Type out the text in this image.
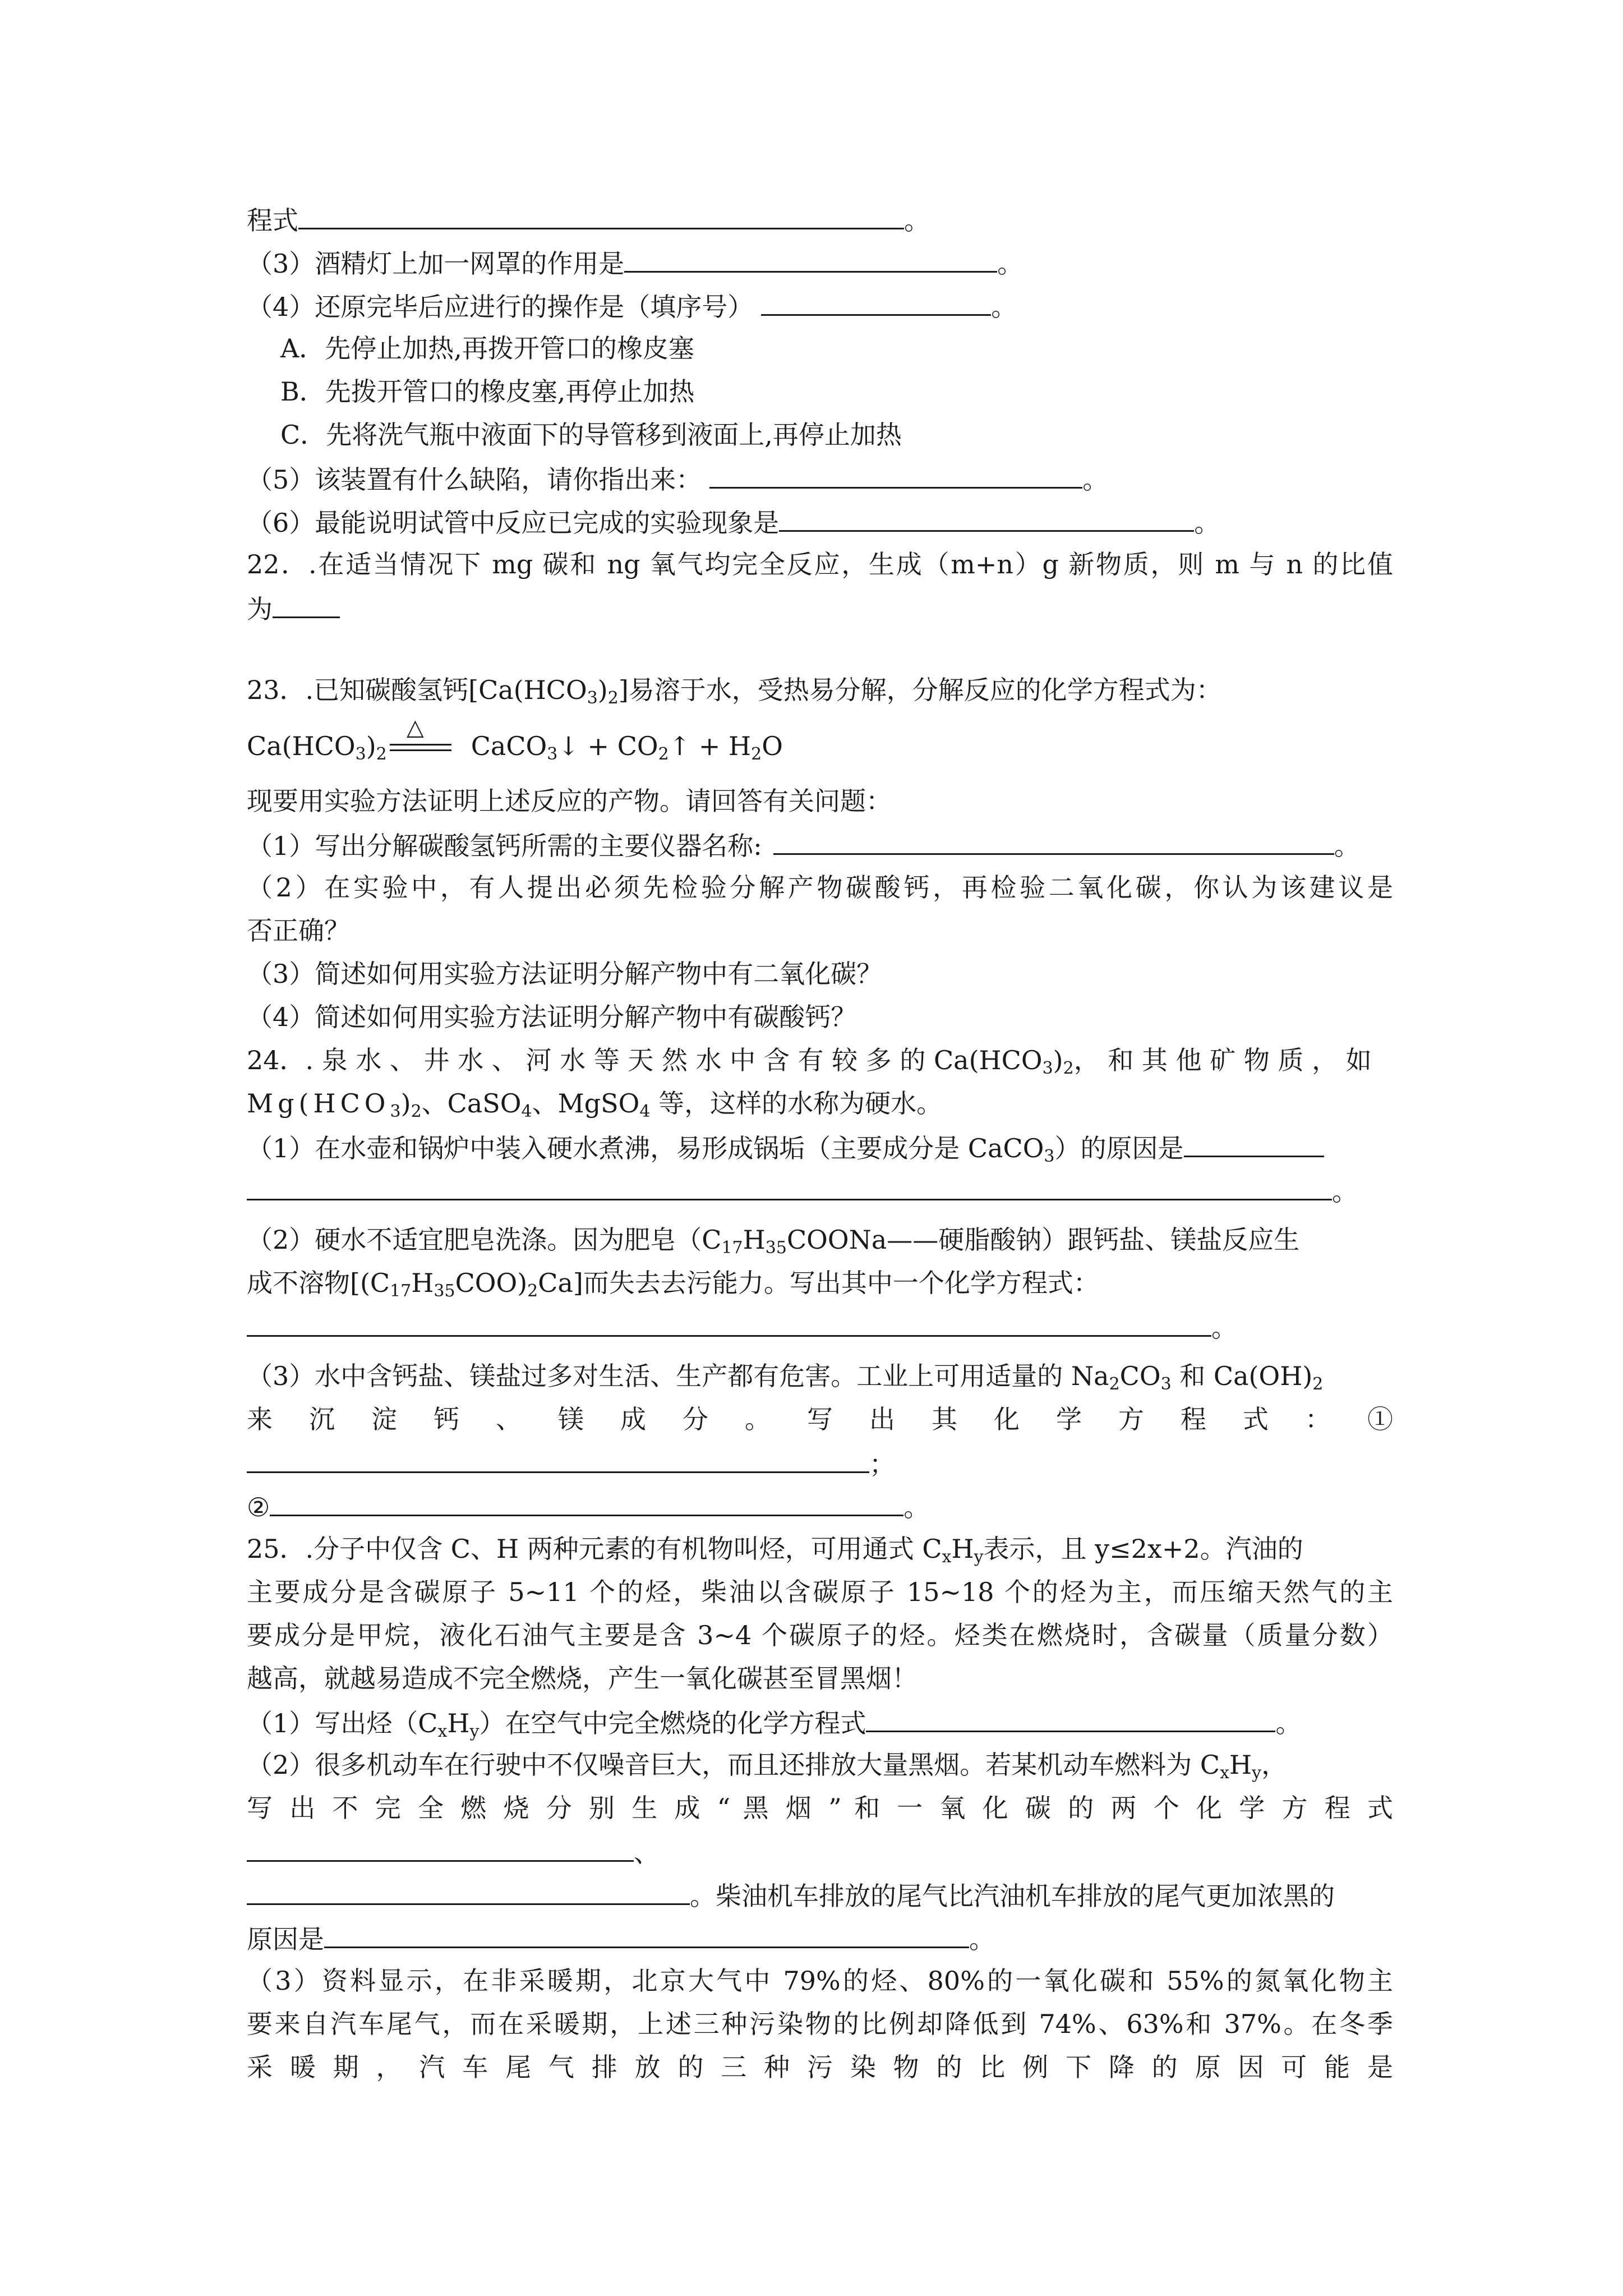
程式	。
（3）酒精灯上加一网罩的作用是	。
（4）还原完毕后应进行的操作是（填序号）	。
A．先停止加热,再拨开管口的橡皮塞
B．先拨开管口的橡皮塞,再停止加热
C．先将洗气瓶中液面下的导管移到液面上,再停止加热
（5）该装置有什么缺陷，请你指出来：	。
（6）最能说明试管中反应已完成的实验现象是	。
22．.在适当情况下 mg 碳和 ng 氧气均完全反应，生成（m+n）g 新物质，则 m 与 n 的比值
为
23．.已知碳酸氢钙$[Ca(HCO_3)_2]$易溶于水，受热易分解，分解反应的化学方程式为：
$Ca(HCO_3)_2$	CaCO$_3$↓ + $CO_2↑ + H_2O$
△
现要用实验方法证明上述反应的产物。请回答有关问题：
（1）写出分解碳酸氢钙所需的主要仪器名称:	。
（2）在实验中，有人提出必须先检验分解产物碳酸钙，再检验二氧化碳，你认为该建议是
否正确？
（3）简述如何用实验方法证明分解产物中有二氧化碳？
（4）简述如何用实验方法证明分解产物中有碳酸钙？
24．. 泉 水 、 井 水 、 河 水 等 天 然 水 中 含 有 较 多 的 $Ca(HCO_3)_2$， 和 其 他 矿 物 质 ， 如
$Mg(HCO_3)_2$、CaSO$_4$、MgSO$_4$ 等，这样的水称为硬水。
（1）在水壶和锅炉中装入硬水煮沸，易形成锅垢（主要成分是 CaCO$_3$）的原因是
。
（2）硬水不适宜肥皂洗涤。因为肥皂（$C_{17}H_{35}COONa——$硬脂酸钠）跟钙盐、镁盐反应生
成不溶物$[(C_{17}H_{35}COO)_2Ca]$而失去去污能力。写出其中一个化学方程式：
。
（3）水中含钙盐、镁盐过多对生活、生产都有危害。工业上可用适量的 $Na_2CO_3$ 和 $Ca(OH)_2$
来 沉 淀 钙 、 镁 成 分 。 写 出 其 化 学 方 程 式 ： ①
；
②	。
25．.分子中仅含 C、H 两种元素的有机物叫烃，可用通式 $C_xH_y$表示，且 y≤2x+2。汽油的
主要成分是含碳原子 5~11 个的烃，柴油以含碳原子 15~18 个的烃为主，而压缩天然气的主
要成分是甲烷，液化石油气主要是含 3~4 个碳原子的烃。烃类在燃烧时，含碳量（质量分数）
越高，就越易造成不完全燃烧，产生一氧化碳甚至冒黑烟！
（1）写出烃$(C_xH_y)$在空气中完全燃烧的化学方程式	。
（2）很多机动车在行驶中不仅噪音巨大，而且还排放大量黑烟。若某机动车燃料为 $C_xH_y$，
写 出 不 完 全 燃 烧 分 别 生 成 “ 黑 烟 ” 和 一 氧 化 碳 的 两 个 化 学 方 程 式
、
。柴油机车排放的尾气比汽油机车排放的尾气更加浓黑的
原因是	。
（3）资料显示，在非采暖期，北京大气中 79%的烃、80%的一氧化碳和 55%的氮氧化物主
要来自汽车尾气，而在采暖期，上述三种污染物的比例却降低到 74%、63%和 37%。在冬季
采 暖 期 ， 汽 车 尾 气 排 放 的 三 种 污 染 物 的 比 例 下 降 的 原 因 可 能 是
